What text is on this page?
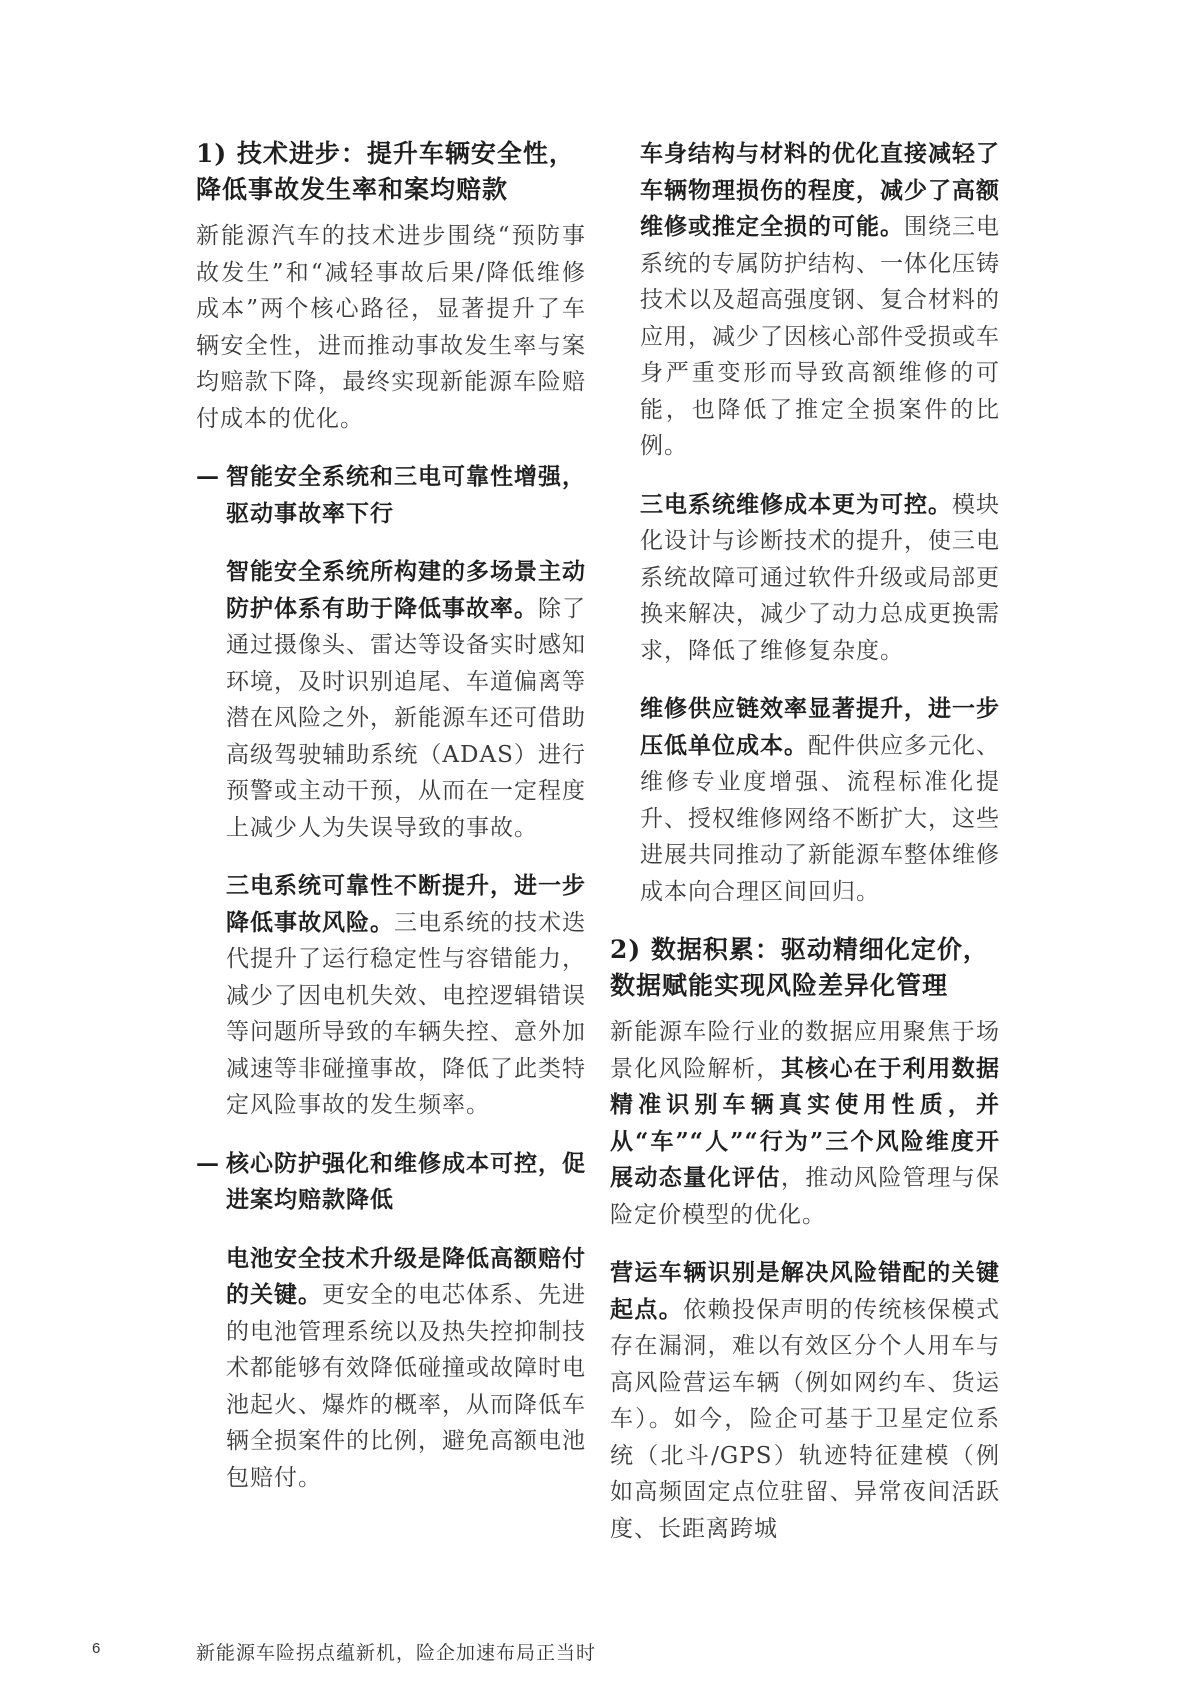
1) 技术进步：提升车辆安全性，降低事故发生率和案均赔款

新能源汽车的技术进步围绕“预防事故发生”和“减轻事故后果/降低维修成本”两个核心路径，显著提升了车辆安全性，进而推动事故发生率与案均赔款下降，最终实现新能源车险赔付成本的优化。

— 智能安全系统和三电可靠性增强，驱动事故率下行

智能安全系统所构建的多场景主动防护体系有助于降低事故率。除了通过摄像头、雷达等设备实时感知环境，及时识别追尾、车道偏离等潜在风险之外，新能源车还可借助高级驾驶辅助系统（ADAS）进行预警或主动干预，从而在一定程度上减少人为失误导致的事故。

三电系统可靠性不断提升，进一步降低事故风险。三电系统的技术迭代提升了运行稳定性与容错能力，减少了因电机失效、电控逻辑错误等问题所导致的车辆失控、意外加减速等非碰撞事故，降低了此类特定风险事故的发生频率。

— 核心防护强化和维修成本可控，促进案均赔款降低

电池安全技术升级是降低高额赔付的关键。更安全的电芯体系、先进的电池管理系统以及热失控抑制技术都能够有效降低碰撞或故障时电池起火、爆炸的概率，从而降低车辆全损案件的比例，避免高额电池包赔付。

车身结构与材料的优化直接减轻了车辆物理损伤的程度，减少了高额维修或推定全损的可能。围绕三电系统的专属防护结构、一体化压铸技术以及超高强度钢、复合材料的应用，减少了因核心部件受损或车身严重变形而导致高额维修的可能，也降低了推定全损案件的比例。

三电系统维修成本更为可控。模块化设计与诊断技术的提升，使三电系统故障可通过软件升级或局部更换来解决，减少了动力总成更换需求，降低了维修复杂度。

维修供应链效率显著提升，进一步压低单位成本。配件供应多元化、维修专业度增强、流程标准化提升、授权维修网络不断扩大，这些进展共同推动了新能源车整体维修成本向合理区间回归。

2) 数据积累：驱动精细化定价，数据赋能实现风险差异化管理

新能源车险行业的数据应用聚焦于场景化风险解析，其核心在于利用数据精准识别车辆真实使用性质，并从“车”“人”“行为”三个风险维度开展动态量化评估，推动风险管理与保险定价模型的优化。

营运车辆识别是解决风险错配的关键起点。依赖投保声明的传统核保模式存在漏洞，难以有效区分个人用车与高风险营运车辆（例如网约车、货运车）。如今，险企可基于卫星定位系统（北斗/GPS）轨迹特征建模（例如高频固定点位驻留、异常夜间活跃度、长距离跨城

6	新能源车险拐点蕴新机，险企加速布局正当时
